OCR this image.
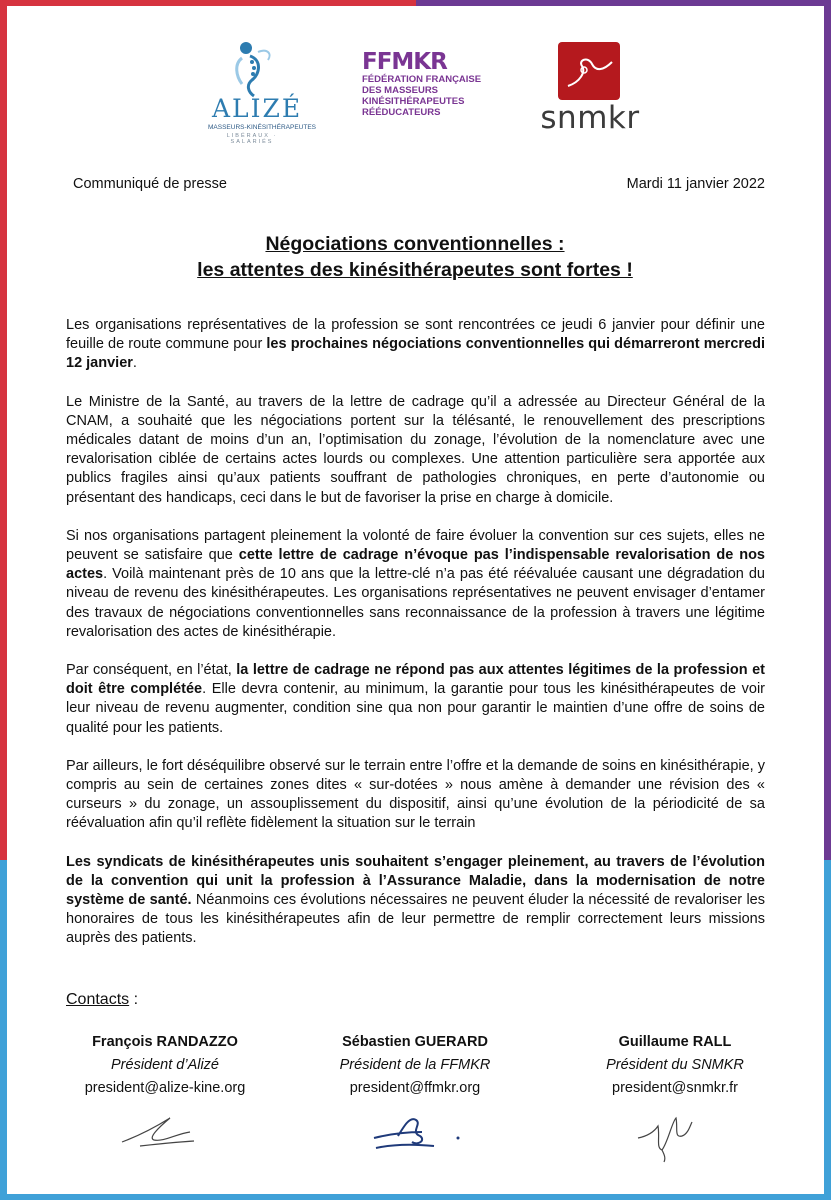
ALIZÉ
MASSEURS-KINÉSITHÉRAPEUTES
LIBÉRAUX · SALARIÉS
FFMKR
FÉDÉRATION FRANÇAISE
DES MASSEURS
KINÉSITHÉRAPEUTES
RÉÉDUCATEURS	snmkr
Communiqué de presse	Mardi 11 janvier 2022
Négociations conventionnelles :
les attentes des kinésithérapeutes sont fortes !

Les organisations représentatives de la profession se sont rencontrées ce jeudi 6 janvier pour définir une feuille de route commune pour les prochaines négociations conventionnelles qui démarreront mercredi 12 janvier.

Le Ministre de la Santé, au travers de la lettre de cadrage qu’il a adressée au Directeur Général de la CNAM, a souhaité que les négociations portent sur la télésanté, le renouvellement des prescriptions médicales datant de moins d’un an, l’optimisation du zonage, l’évolution de la nomenclature avec une revalorisation ciblée de certains actes lourds ou complexes. Une attention particulière sera apportée aux publics fragiles ainsi qu’aux patients souffrant de pathologies chroniques, en perte d’autonomie ou présentant des handicaps, ceci dans le but de favoriser la prise en charge à domicile.

Si nos organisations partagent pleinement la volonté de faire évoluer la convention sur ces sujets, elles ne peuvent se satisfaire que cette lettre de cadrage n’évoque pas l’indispensable revalorisation de nos actes. Voilà maintenant près de 10 ans que la lettre-clé n’a pas été réévaluée causant une dégradation du niveau de revenu des kinésithérapeutes. Les organisations représentatives ne peuvent envisager d’entamer des travaux de négociations conventionnelles sans reconnaissance de la profession à travers une légitime revalorisation des actes de kinésithérapie.

Par conséquent, en l’état, la lettre de cadrage ne répond pas aux attentes légitimes de la profession et doit être complétée. Elle devra contenir, au minimum, la garantie pour tous les kinésithérapeutes de voir leur niveau de revenu augmenter, condition sine qua non pour garantir le maintien d’une offre de soins de qualité pour les patients.

Par ailleurs, le fort déséquilibre observé sur le terrain entre l’offre et la demande de soins en kinésithérapie, y compris au sein de certaines zones dites « sur-dotées » nous amène à demander une révision des « curseurs » du zonage, un assouplissement du dispositif, ainsi qu’une évolution de la périodicité de sa réévaluation afin qu’il reflète fidèlement la situation sur le terrain

Les syndicats de kinésithérapeutes unis souhaitent s’engager pleinement, au travers de l’évolution de la convention qui unit la profession à l’Assurance Maladie, dans la modernisation de notre système de santé. Néanmoins ces évolutions nécessaires ne peuvent éluder la nécessité de revaloriser les honoraires de tous les kinésithérapeutes afin de leur permettre de remplir correctement leurs missions auprès des patients.

Contacts :
François RANDAZZO
Président d’Alizé
president@alize-kine.org
Sébastien GUERARD
Président de la FFMKR
president@ffmkr.org
Guillaume RALL
Président du SNMKR
president@snmkr.fr
